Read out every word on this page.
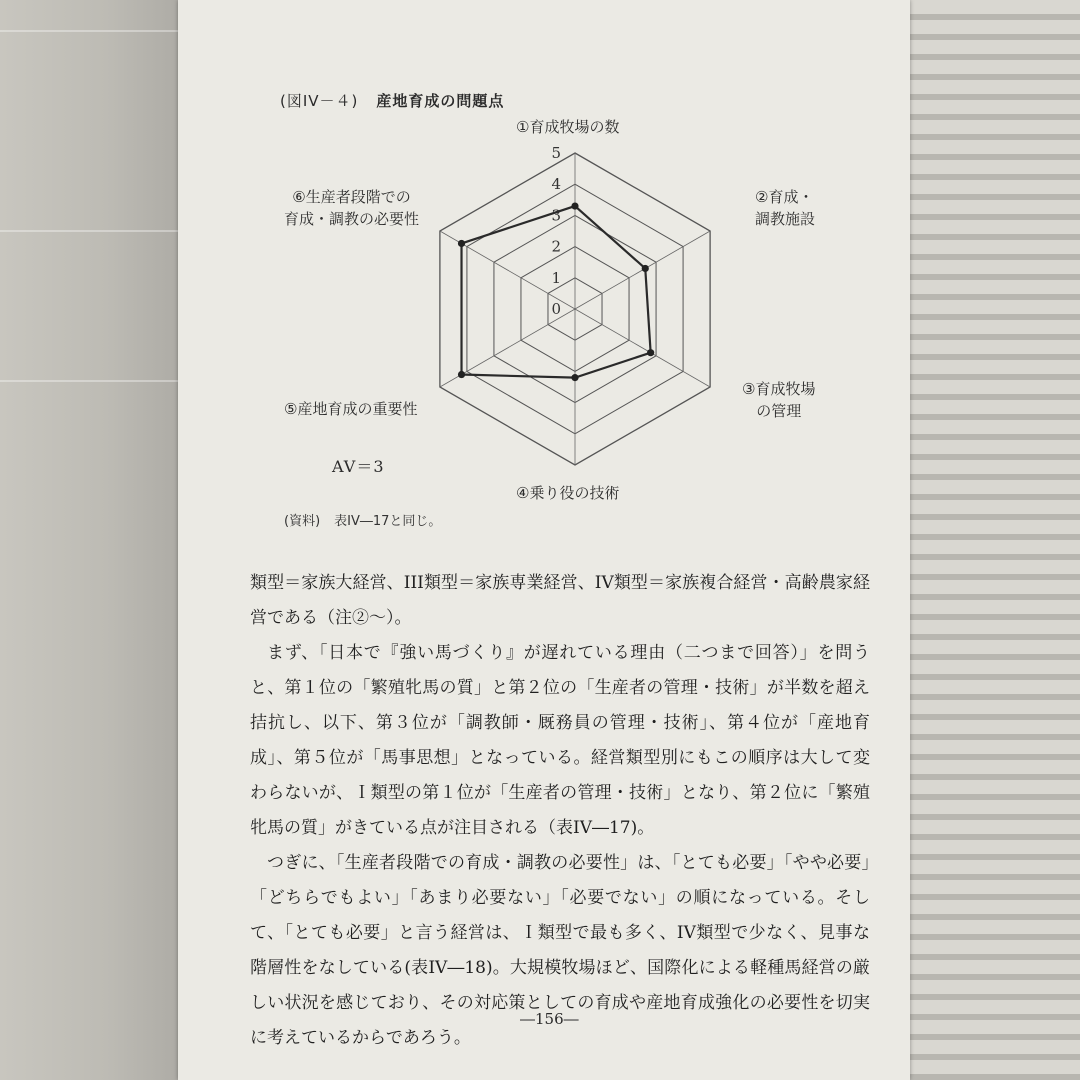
(図IV－４) 産地育成の問題点
0
1
2
3
4
5
①育成牧場の数
②育成・
調教施設
③育成牧場
の管理
④乗り役の技術
⑤産地育成の重要性
⑥生産者段階での
育成・調教の必要性
AV＝3
(資料) 表IV―17と同じ。

類型＝家族大経営、III類型＝家族専業経営、IV類型＝家族複合経営・高齢農家経営である（注②～）。

まず、「日本で『強い馬づくり』が遅れている理由（二つまで回答）」を問うと、第１位の「繁殖牝馬の質」と第２位の「生産者の管理・技術」が半数を超え拮抗し、以下、第３位が「調教師・厩務員の管理・技術」、第４位が「産地育成」、第５位が「馬事思想」となっている。経営類型別にもこの順序は大して変わらないが、Ｉ類型の第１位が「生産者の管理・技術」となり、第２位に「繁殖牝馬の質」がきている点が注目される（表IV―17)。

つぎに、「生産者段階での育成・調教の必要性」は、「とても必要」「やや必要」「どちらでもよい」「あまり必要ない」「必要でない」の順になっている。そして、「とても必要」と言う経営は、Ｉ類型で最も多く、IV類型で少なく、見事な階層性をなしている(表IV―18)。大規模牧場ほど、国際化による軽種馬経営の厳しい状況を感じており、その対応策としての育成や産地育成強化の必要性を切実に考えているからであろう。

―156―
